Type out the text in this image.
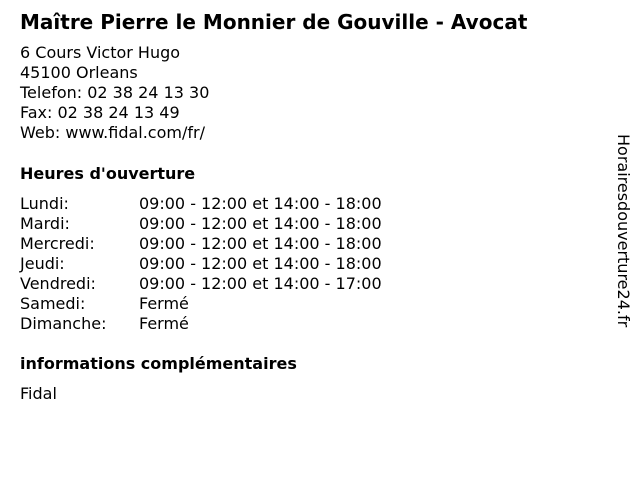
Maître Pierre le Monnier de Gouville - Avocat
6 Cours Victor Hugo
45100 Orleans
Telefon: 02 38 24 13 30
Fax: 02 38 24 13 49
Web: www.fidal.com/fr/
Heures d'ouverture
Lundi:	09:00 - 12:00 et 14:00 - 18:00
Mardi:	09:00 - 12:00 et 14:00 - 18:00
Mercredi:	09:00 - 12:00 et 14:00 - 18:00
Jeudi:	09:00 - 12:00 et 14:00 - 18:00
Vendredi:	09:00 - 12:00 et 14:00 - 17:00
Samedi:	Fermé
Dimanche: Fermé
informations complémentaires
Fidal
Horairesdouverture24.fr
